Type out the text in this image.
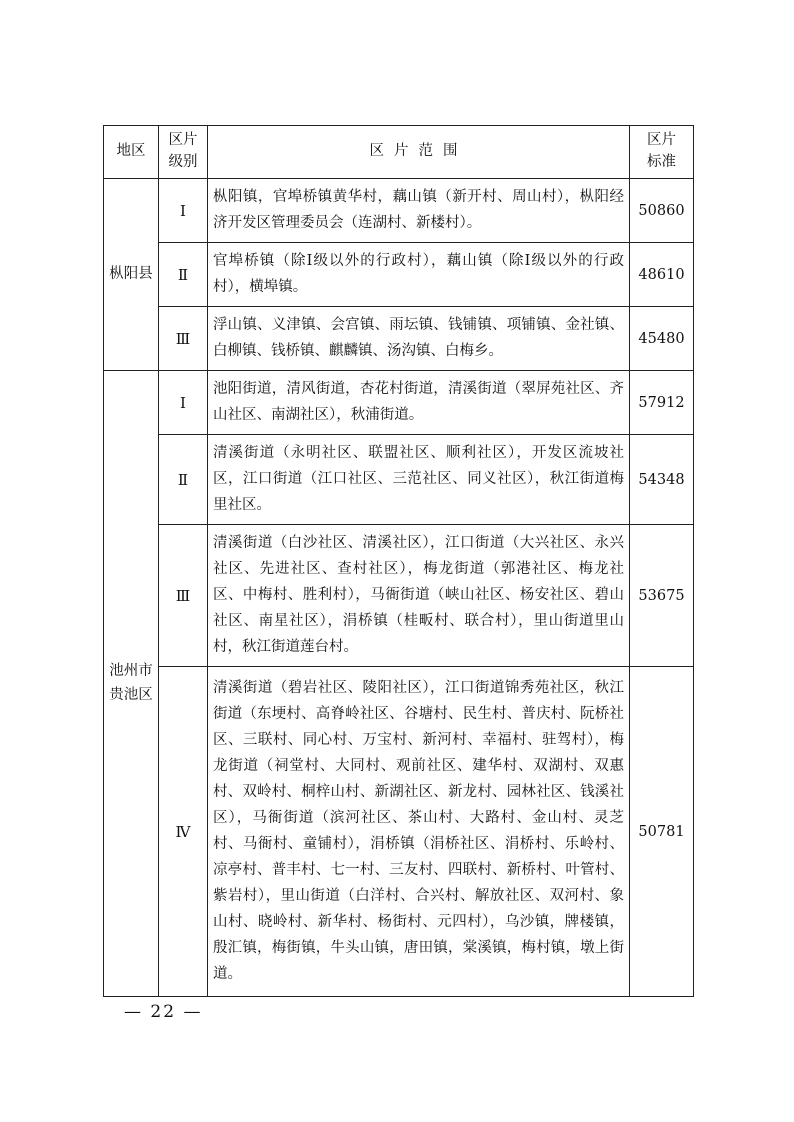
地区	区片级别	区片范围	区片标准
枞阳县	Ⅰ	枞阳镇，官埠桥镇黄华村，藕山镇（新开村、周山村），枞阳经济开发区管理委员会（连湖村、新楼村）。	50860
	Ⅱ	官埠桥镇（除Ⅰ级以外的行政村），藕山镇（除Ⅰ级以外的行政村），横埠镇。	48610
	Ⅲ	浮山镇、义津镇、会宫镇、雨坛镇、钱铺镇、项铺镇、金社镇、白柳镇、钱桥镇、麒麟镇、汤沟镇、白梅乡。	45480
池州市贵池区	Ⅰ	池阳街道，清风街道，杏花村街道，清溪街道（翠屏苑社区、齐山社区、南湖社区），秋浦街道。	57912
	Ⅱ	清溪街道（永明社区、联盟社区、顺利社区），开发区流坡社区，江口街道（江口社区、三范社区、同义社区），秋江街道梅里社区。	54348
	Ⅲ	清溪街道（白沙社区、清溪社区），江口街道（大兴社区、永兴社区、先进社区、查村社区），梅龙街道（郭港社区、梅龙社区、中梅村、胜利村），马衙街道（峡山社区、杨安社区、碧山社区、南星社区），涓桥镇（桂畈村、联合村），里山街道里山村，秋江街道莲台村。	53675
	Ⅳ	清溪街道（碧岩社区、陵阳社区），江口街道锦秀苑社区，秋江街道（东埂村、高脊岭社区、谷塘村、民生村、普庆村、阮桥社区、三联村、同心村、万宝村、新河村、幸福村、驻驾村），梅龙街道（祠堂村、大同村、观前社区、建华村、双湖村、双惠村、双岭村、桐梓山村、新湖社区、新龙村、园林社区、钱溪社区），马衙街道（滨河社区、茶山村、大路村、金山村、灵芝村、马衙村、童铺村），涓桥镇（涓桥社区、涓桥村、乐岭村、凉亭村、普丰村、七一村、三友村、四联村、新桥村、叶管村、紫岩村），里山街道（白洋村、合兴村、解放社区、双河村、象山村、晓岭村、新华村、杨街村、元四村），乌沙镇，牌楼镇，殷汇镇，梅街镇，牛头山镇，唐田镇，棠溪镇，梅村镇，墩上街道。	50781
— 22 —
